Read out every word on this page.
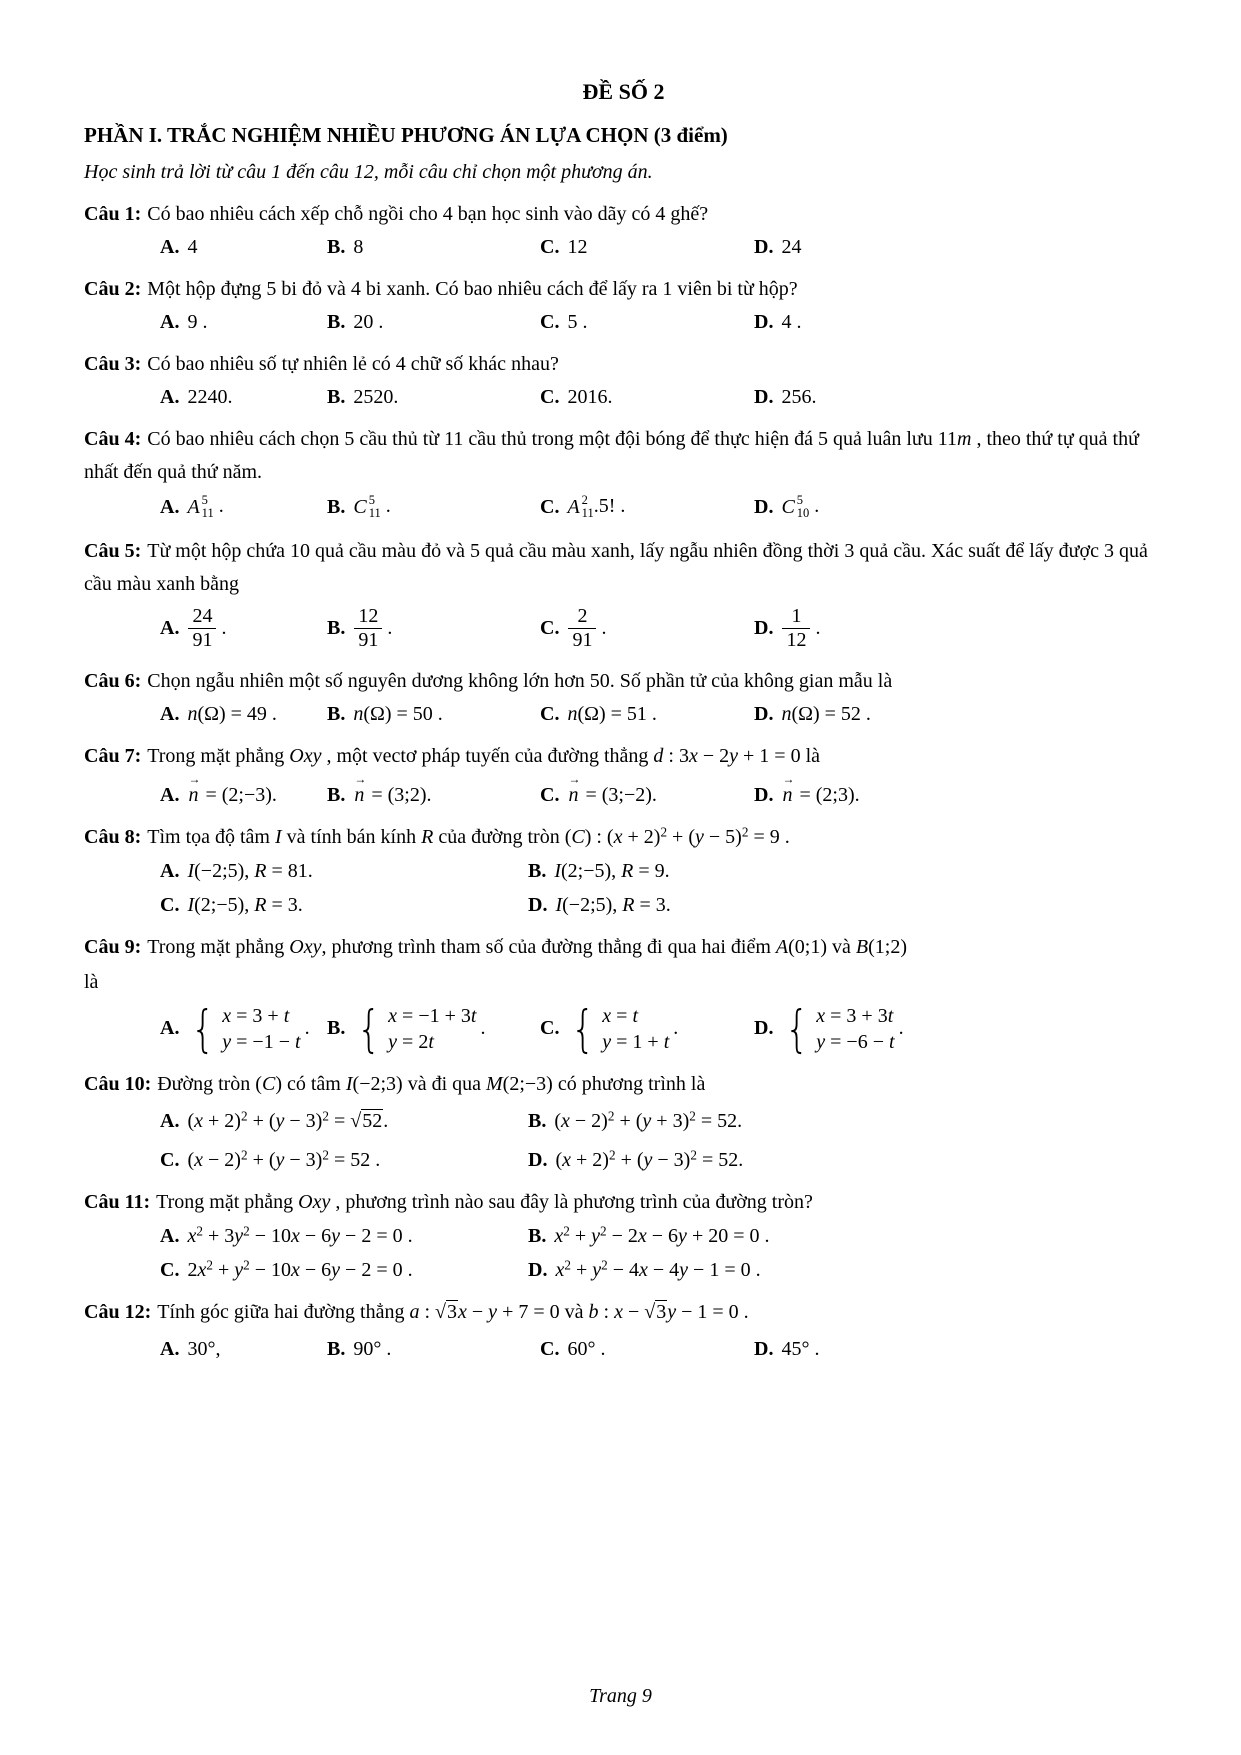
ĐỀ SỐ 2
PHẦN I. TRẮC NGHIỆM NHIỀU PHƯƠNG ÁN LỰA CHỌN (3 điểm)

Học sinh trả lời từ câu 1 đến câu 12, mỗi câu chỉ chọn một phương án.

Câu 1: Có bao nhiêu cách xếp chỗ ngồi cho 4 bạn học sinh vào dãy có 4 ghế?

A. 4	B. 8	C. 12	D. 24

Câu 2: Một hộp đựng 5 bi đỏ và 4 bi xanh. Có bao nhiêu cách để lấy ra 1 viên bi từ hộp?

A. 9 .	B. 20 .	C. 5 .	D. 4 .

Câu 3: Có bao nhiêu số tự nhiên lẻ có 4 chữ số khác nhau?

A. 2240.	B. 2520.	C. 2016.	D. 256.

Câu 4: Có bao nhiêu cách chọn 5 cầu thủ từ 11 cầu thủ trong một đội bóng để thực hiện đá 5 quả luân lưu 11m , theo thứ tự quả thứ nhất đến quả thứ năm.

A. A 5
11 .	B. C 5
11 .	C. A 2
11 .5! .	D. C 5
10 .

Câu 5: Từ một hộp chứa 10 quả cầu màu đỏ và 5 quả cầu màu xanh, lấy ngẫu nhiên đồng thời 3 quả cầu. Xác suất để lấy được 3 quả cầu màu xanh bằng

A. $\frac{24}{91}$ .	B. $\frac{12}{91}$ .	C. $\frac{2}{91}$ .	D. $\frac{1}{12}$ .

Câu 6: Chọn ngẫu nhiên một số nguyên dương không lớn hơn 50. Số phần tử của không gian mẫu là

A. n(Ω) = 49 .	B. n(Ω) = 50 .	C. n(Ω) = 51 .	D. n(Ω) = 52 .

Câu 7: Trong mặt phẳng Oxy , một vectơ pháp tuyến của đường thẳng d : 3x − 2y + 1 = 0 là

A. → n = (2;−3).	B. → n = (3;2).	C. → n = (3;−2).	D. → n = (2;3).

Câu 8: Tìm tọa độ tâm I và tính bán kính R của đường tròn (C) : $(x + 2)^2 + (y - 5)^2 = 9$ .

A. I(−2;5), R = 81.	B. I(2;−5), R = 9.
C. I(2;−5), R = 3.	D. I(−2;5), R = 3.

Câu 9: Trong mặt phẳng Oxy, phương trình tham số của đường thẳng đi qua hai điểm A(0;1) và B(1;2)

là

A. { x = 3 + t
y = −1 − t
. B. { x = −1 + 3t
y = 2t
.	C. { x = t
y = 1 + t
.	D. { x = 3 + 3t
y = −6 − t
.

Câu 10: Đường tròn (C) có tâm I(−2;3) và đi qua M(2;−3) có phương trình là

A. $(x + 2)^2 + (y - 3)^2 = √52$.	B. $(x - 2)^2 + (y + 3)^2 = 52$.
C. $(x - 2)^2 + (y - 3)^2 = 52$ .	D. $(x + 2)^2 + (y - 3)^2 = 52$.

Câu 11: Trong mặt phẳng Oxy , phương trình nào sau đây là phương trình của đường tròn?

A. $x^2 + 3y^2 - 10x - 6y - 2 = 0$ .	B. $x^2 + y^2 - 2x - 6y + 20 = 0$ .
C. $2x^2 + y^2 - 10x - 6y - 2 = 0$ .	D. $x^2 + y^2 - 4x - 4y - 1 = 0$ .

Câu 12: Tính góc giữa hai đường thẳng a : √3x − y + 7 = 0 và b : x − √3y − 1 = 0 .

A. 30°,	B. 90° .	C. 60° .	D. 45° .

Trang 9
